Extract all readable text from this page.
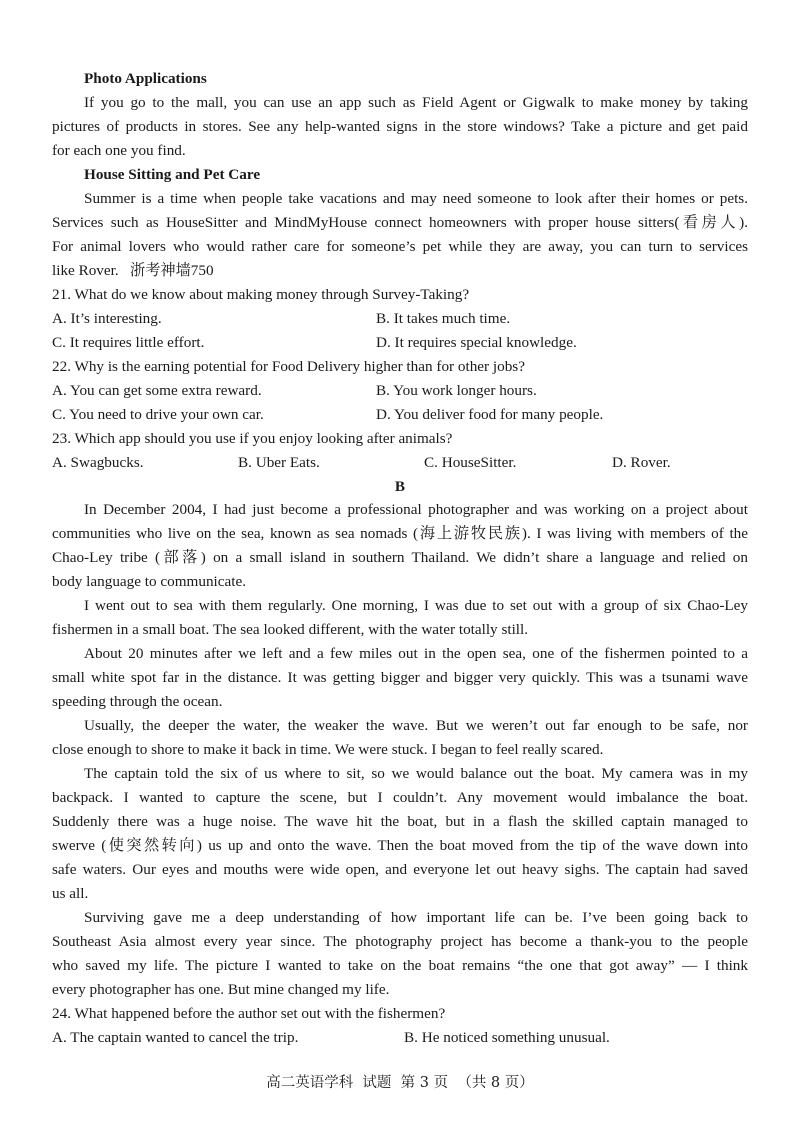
Photo Applications
If you go to the mall, you can use an app such as Field Agent or Gigwalk to make money by taking
pictures of products in stores. See any help-wanted signs in the store windows? Take a picture and get paid
for each one you find.
House Sitting and Pet Care
Summer is a time when people take vacations and may need someone to look after their homes or pets.
Services such as HouseSitter and MindMyHouse connect homeowners with proper house sitters(看房人).
For animal lovers who would rather care for someone’s pet while they are away, you can turn to services
like Rover.   浙考神墙750
21. What do we know about making money through Survey-Taking?
A. It’s interesting.	B. It takes much time.
C. It requires little effort.	D. It requires special knowledge.
22. Why is the earning potential for Food Delivery higher than for other jobs?
A. You can get some extra reward.	B. You work longer hours.
C. You need to drive your own car.	D. You deliver food for many people.
23. Which app should you use if you enjoy looking after animals?
A. Swagbucks.	B. Uber Eats.	C. HouseSitter.	D. Rover.
B
In December 2004, I had just become a professional photographer and was working on a project about
communities who live on the sea, known as sea nomads (海上游牧民族). I was living with members of the
Chao-Ley tribe (部落) on a small island in southern Thailand. We didn’t share a language and relied on
body language to communicate.
I went out to sea with them regularly. One morning, I was due to set out with a group of six Chao-Ley
fishermen in a small boat. The sea looked different, with the water totally still.
About 20 minutes after we left and a few miles out in the open sea, one of the fishermen pointed to a
small white spot far in the distance. It was getting bigger and bigger very quickly. This was a tsunami wave
speeding through the ocean.
Usually, the deeper the water, the weaker the wave. But we weren’t out far enough to be safe, nor
close enough to shore to make it back in time. We were stuck. I began to feel really scared.
The captain told the six of us where to sit, so we would balance out the boat. My camera was in my
backpack. I wanted to capture the scene, but I couldn’t. Any movement would imbalance the boat.
Suddenly there was a huge noise. The wave hit the boat, but in a flash the skilled captain managed to
swerve (使突然转向) us up and onto the wave. Then the boat moved from the tip of the wave down into
safe waters. Our eyes and mouths were wide open, and everyone let out heavy sighs. The captain had saved
us all.
Surviving gave me a deep understanding of how important life can be. I’ve been going back to
Southeast Asia almost every year since. The photography project has become a thank-you to the people
who saved my life. The picture I wanted to take on the boat remains “the one that got away” — I think
every photographer has one. But mine changed my life.
24. What happened before the author set out with the fishermen?
A. The captain wanted to cancel the trip.	B. He noticed something unusual.
高二英语学科  试题  第 3 页  （共 8 页）
